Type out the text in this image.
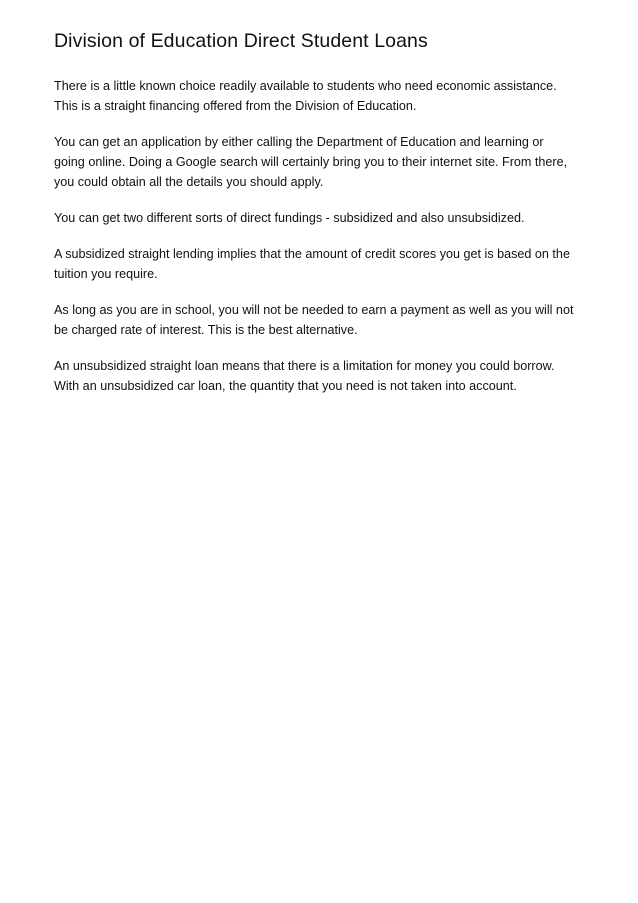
Division of Education Direct Student Loans

There is a little known choice readily available to students who need economic assistance.
This is a straight financing offered from the Division of Education.

You can get an application by either calling the Department of Education and learning or
going online. Doing a Google search will certainly bring you to their internet site. From there,
you could obtain all the details you should apply.

You can get two different sorts of direct fundings - subsidized and also unsubsidized.

A subsidized straight lending implies that the amount of credit scores you get is based on the
tuition you require.

As long as you are in school, you will not be needed to earn a payment as well as you will not
be charged rate of interest. This is the best alternative.

An unsubsidized straight loan means that there is a limitation for money you could borrow.
With an unsubsidized car loan, the quantity that you need is not taken into account.
